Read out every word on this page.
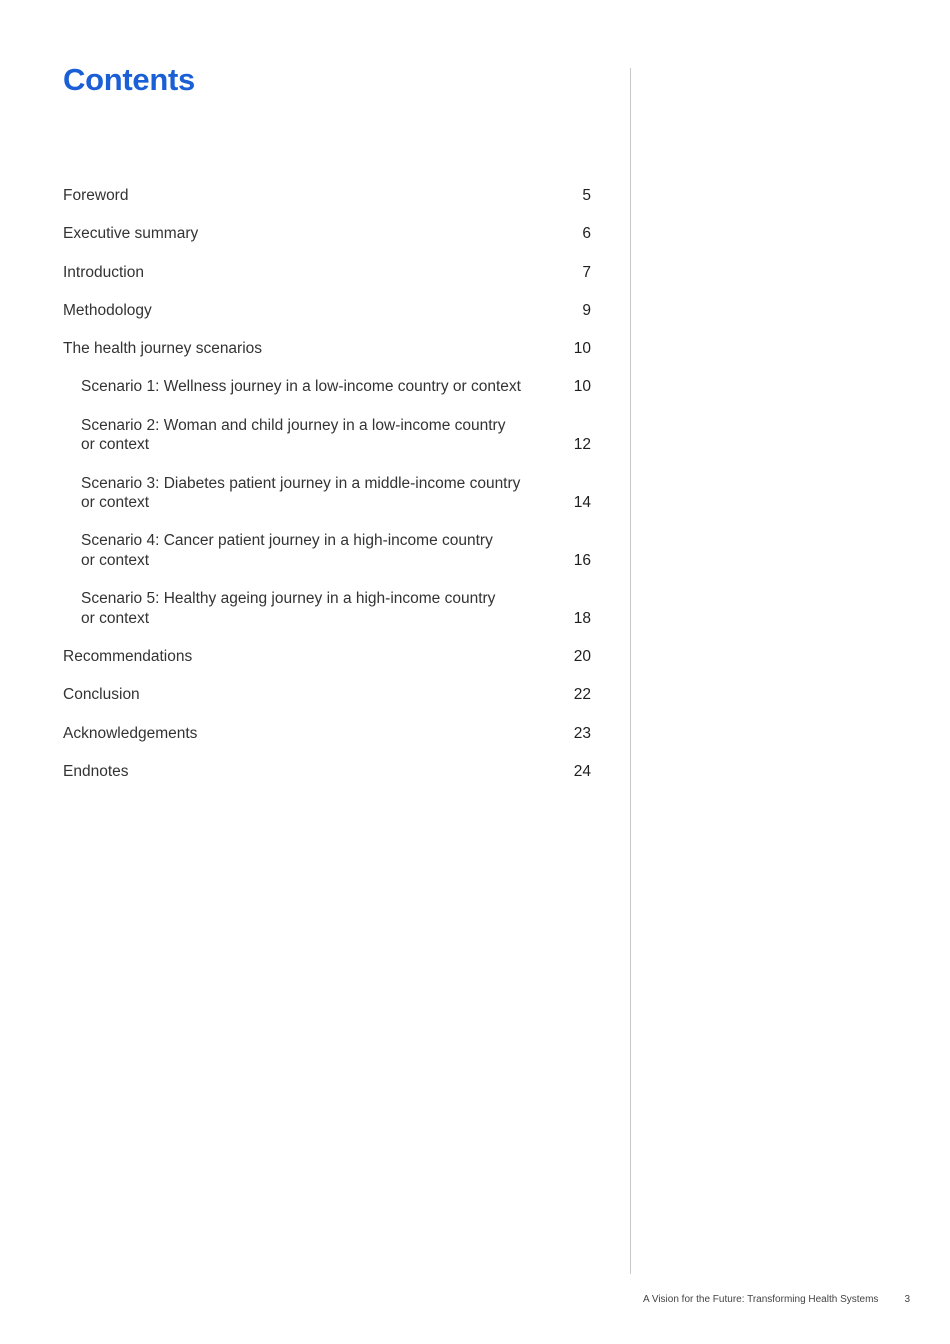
Contents
Foreword	5
Executive summary	6
Introduction	7
Methodology	9
The health journey scenarios	10
Scenario 1: Wellness journey in a low-income country or context	10
Scenario 2: Woman and child journey in a low-income country
or context	12
Scenario 3: Diabetes patient journey in a middle-income country
or context	14
Scenario 4: Cancer patient journey in a high-income country
or context	16
Scenario 5: Healthy ageing journey in a high-income country
or context	18
Recommendations	20
Conclusion	22
Acknowledgements	23
Endnotes	24
A Vision for the Future: Transforming Health Systems	3
